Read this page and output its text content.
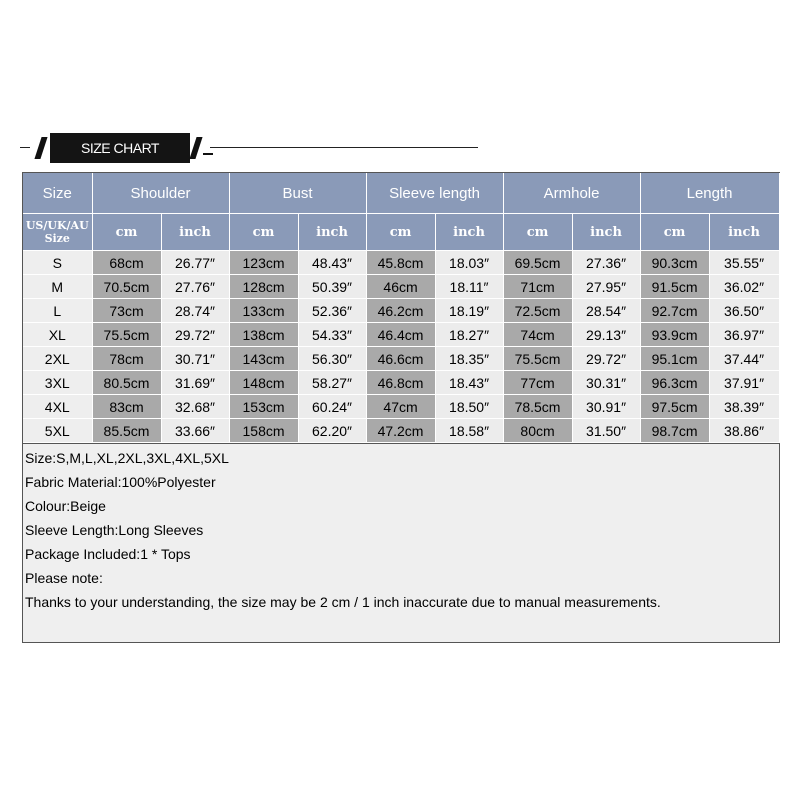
SIZE CHART
Size	Shoulder		Bust		Sleeve length		Armhole		Length	
US/UK/AU
Size	cm	inch	cm	inch	cm	inch	cm	inch	cm	inch
S	68cm	26.77″	123cm	48.43″	45.8cm	18.03″	69.5cm	27.36″	90.3cm	35.55″
M	70.5cm	27.76″	128cm	50.39″	46cm	18.11″	71cm	27.95″	91.5cm	36.02″
L	73cm	28.74″	133cm	52.36″	46.2cm	18.19″	72.5cm	28.54″	92.7cm	36.50″
XL	75.5cm	29.72″	138cm	54.33″	46.4cm	18.27″	74cm	29.13″	93.9cm	36.97″
2XL	78cm	30.71″	143cm	56.30″	46.6cm	18.35″	75.5cm	29.72″	95.1cm	37.44″
3XL	80.5cm	31.69″	148cm	58.27″	46.8cm	18.43″	77cm	30.31″	96.3cm	37.91″
4XL	83cm	32.68″	153cm	60.24″	47cm	18.50″	78.5cm	30.91″	97.5cm	38.39″
5XL	85.5cm	33.66″	158cm	62.20″	47.2cm	18.58″	80cm	31.50″	98.7cm	38.86″
Size:S,M,L,XL,2XL,3XL,4XL,5XL
Fabric Material:100%Polyester
Colour:Beige
Sleeve Length:Long Sleeves
Package Included:1 * Tops
Please note:
Thanks to your understanding, the size may be 2 cm / 1 inch inaccurate due to manual measurements.
